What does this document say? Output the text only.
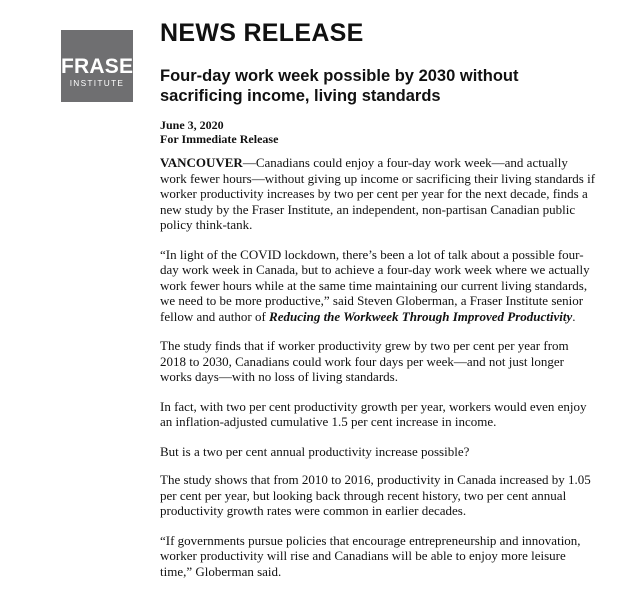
FRASER
INSTITUTE
NEWS RELEASE
Four-day work week possible by 2030 without sacrificing income, living standards
June 3, 2020
For Immediate Release

VANCOUVER—Canadians could enjoy a four-day work week—and actually work fewer hours—without giving up income or sacrificing their living standards if worker productivity increases by two per cent per year for the next decade, finds a new study by the Fraser Institute, an independent, non-partisan Canadian public policy think-tank.

“In light of the COVID lockdown, there’s been a lot of talk about a possible four-day work week in Canada, but to achieve a four-day work week where we actually work fewer hours while at the same time maintaining our current living standards, we need to be more productive,” said Steven Globerman, a Fraser Institute senior fellow and author of Reducing the Workweek Through Improved Productivity.

The study finds that if worker productivity grew by two per cent per year from 2018 to 2030, Canadians could work four days per week—and not just longer works days—with no loss of living standards.

In fact, with two per cent productivity growth per year, workers would even enjoy an inflation-adjusted cumulative 1.5 per cent increase in income.

But is a two per cent annual productivity increase possible?

The study shows that from 2010 to 2016, productivity in Canada increased by 1.05 per cent per year, but looking back through recent history, two per cent annual productivity growth rates were common in earlier decades.

“If governments pursue policies that encourage entrepreneurship and innovation, worker productivity will rise and Canadians will be able to enjoy more leisure time,” Globerman said.
